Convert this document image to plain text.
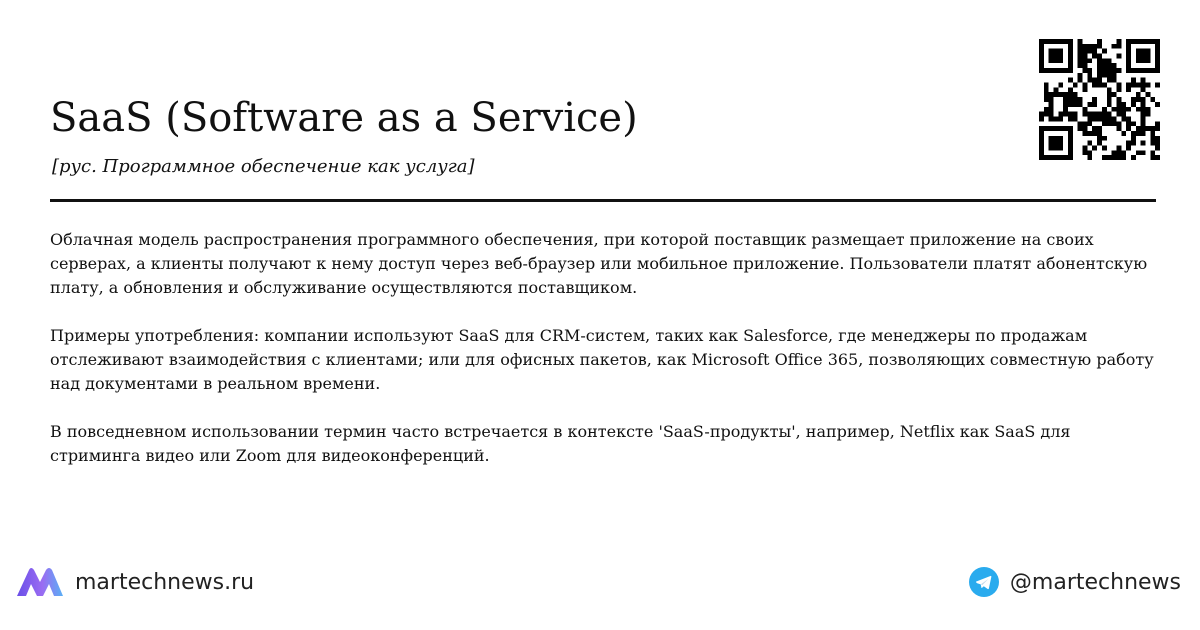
SaaS (Software as a Service)
[рус. Программное обеспечение как услуга]

Облачная модель распространения программного обеспечения, при которой поставщик размещает приложение на своих серверах, а клиенты получают к нему доступ через веб-браузер или мобильное приложение. Пользователи платят абонентскую плату, а обновления и обслуживание осуществляются поставщиком.

Примеры употребления: компании используют SaaS для CRM-систем, таких как Salesforce, где менеджеры по продажам отслеживают взаимодействия с клиентами; или для офисных пакетов, как Microsoft Office 365, позволяющих совместную работу над документами в реальном времени.

В повседневном использовании термин часто встречается в контексте 'SaaS-продукты', например, Netflix как SaaS для стриминга видео или Zoom для видеоконференций.

martechnews.ru	@martechnews
